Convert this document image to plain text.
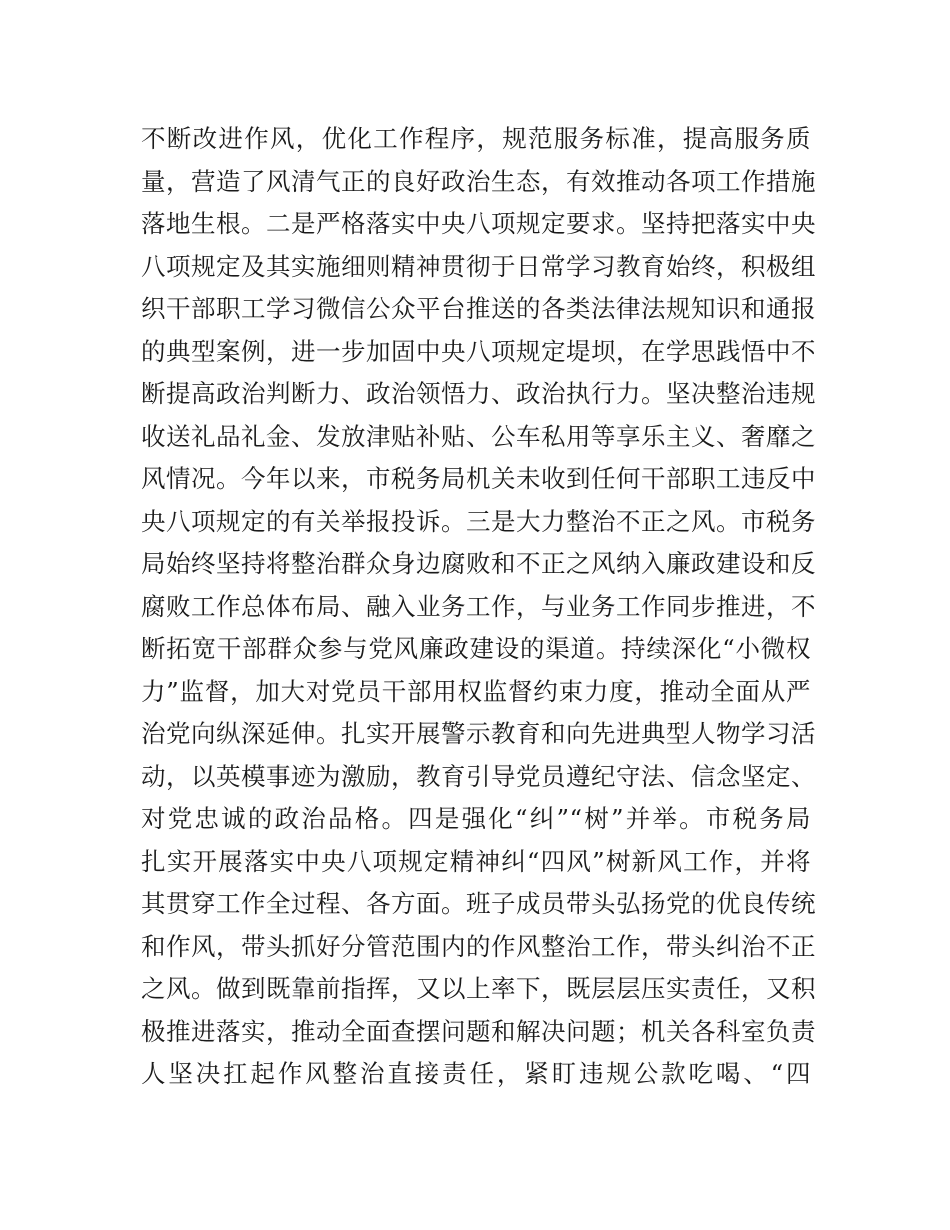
不断改进作风，优化工作程序，规范服务标准，提高服务质
量，营造了风清气正的良好政治生态，有效推动各项工作措施
落地生根。二是严格落实中央八项规定要求。坚持把落实中央
八项规定及其实施细则精神贯彻于日常学习教育始终，积极组
织干部职工学习微信公众平台推送的各类法律法规知识和通报
的典型案例，进一步加固中央八项规定堤坝，在学思践悟中不
断提高政治判断力、政治领悟力、政治执行力。坚决整治违规
收送礼品礼金、发放津贴补贴、公车私用等享乐主义、奢靡之
风情况。今年以来，市税务局机关未收到任何干部职工违反中
央八项规定的有关举报投诉。三是大力整治不正之风。市税务
局始终坚持将整治群众身边腐败和不正之风纳入廉政建设和反
腐败工作总体布局、融入业务工作，与业务工作同步推进，不
断拓宽干部群众参与党风廉政建设的渠道。持续深化“小微权
力”监督，加大对党员干部用权监督约束力度，推动全面从严
治党向纵深延伸。扎实开展警示教育和向先进典型人物学习活
动，以英模事迹为激励，教育引导党员遵纪守法、信念坚定、
对党忠诚的政治品格。四是强化“纠”“树”并举。市税务局
扎实开展落实中央八项规定精神纠“四风”树新风工作，并将
其贯穿工作全过程、各方面。班子成员带头弘扬党的优良传统
和作风，带头抓好分管范围内的作风整治工作，带头纠治不正
之风。做到既靠前指挥，又以上率下，既层层压实责任，又积
极推进落实，推动全面查摆问题和解决问题；机关各科室负责
人坚决扛起作风整治直接责任，紧盯违规公款吃喝、“四
